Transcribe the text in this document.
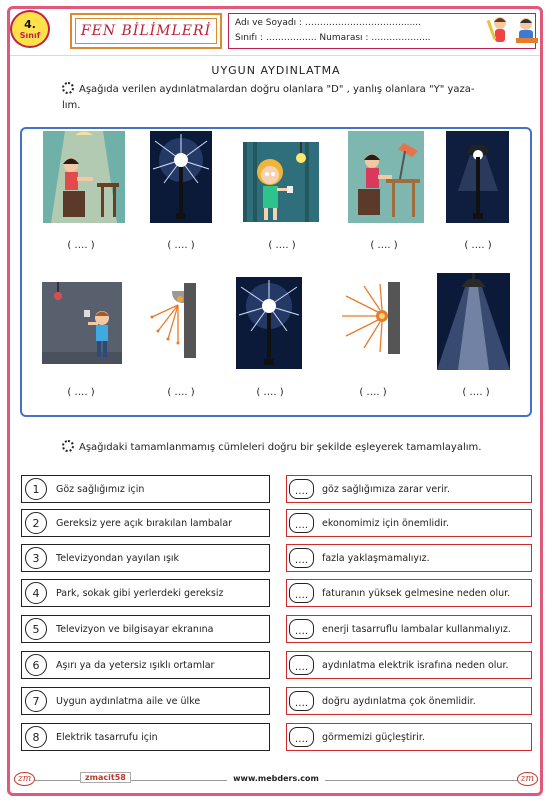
4.
Sınıf	FEN BİLİMLERİ	Adı ve Soyadı : ……………………………......
Sınıfı : …………….. Numarası : …………….....
UYGUN AYDINLATMA
Aşağıda verilen aydınlatmalardan doğru olanlara "D" , yanlış olanlara "Y" yaza-
lım.
( …. )	( …. )	( …. )	( …. )	( …. )
( …. )	( …. )	( …. )	( …. )	( …. )
Aşağıdaki tamamlanmamış cümleleri doğru bir şekilde eşleyerek tamamlayalım.
1	Göz sağlığımız için
2	Gereksiz yere açık bırakılan lambalar
3	Televizyondan yayılan ışık
4	Park, sokak gibi yerlerdeki gereksiz
5	Televizyon ve bilgisayar ekranına
6	Aşırı ya da yetersiz ışıklı ortamlar
7	Uygun aydınlatma aile ve ülke
8	Elektrik tasarrufu için
….	göz sağlığımıza zarar verir.
….	ekonomimiz için önemlidir.
….	fazla yaklaşmamalıyız.
….	faturanın yüksek gelmesine neden olur.
….	enerji tasarruflu lambalar kullanmalıyız.
….	aydınlatma elektrik israfına neden olur.
….	doğru aydınlatma çok önemlidir.
….	görmemizi güçleştirir.
zm	zmacit58	www.mebders.com	zm
